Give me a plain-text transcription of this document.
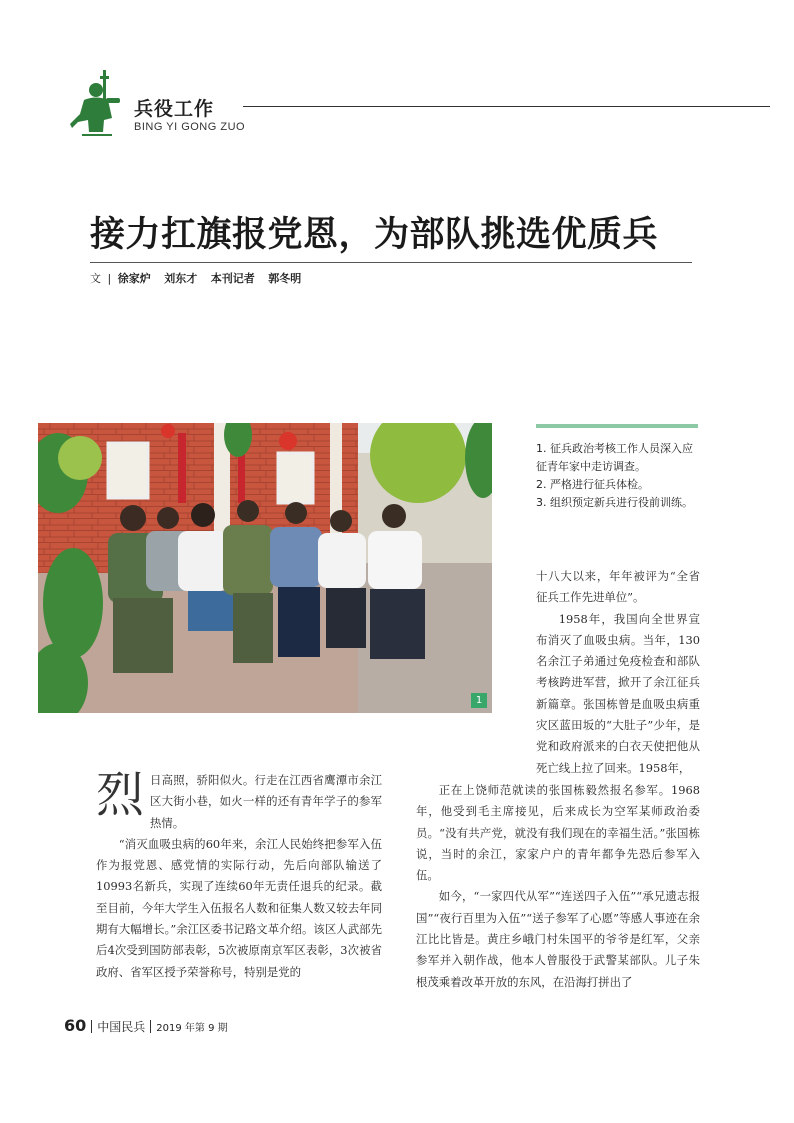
兵役工作
BING YI GONG ZUO
接力扛旗报党恩，为部队挑选优质兵
文 | 徐家炉 刘东才 本刊记者 郭冬明
1
1. 征兵政治考核工作人员深入应
征青年家中走访调查。
2. 严格进行征兵体检。
3. 组织预定新兵进行役前训练。

十八大以来，年年被评为“全省征兵工作先进单位”。

1958年，我国向全世界宣布消灭了血吸虫病。当年，130名余江子弟通过免疫检查和部队考核跨进军营，掀开了余江征兵新篇章。张国栋曾是血吸虫病重灾区蓝田坂的“大肚子”少年，是党和政府派来的白衣天使把他从死亡线上拉了回来。1958年，

正在上饶师范就读的张国栋毅然报名参军。1968年，他受到毛主席接见，后来成长为空军某师政治委员。“没有共产党，就没有我们现在的幸福生活。”张国栋说，当时的余江，家家户户的青年都争先恐后参军入伍。

如今，“一家四代从军”“连送四子入伍”“承兄遗志报国”“夜行百里为入伍”“送子参军了心愿”等感人事迹在余江比比皆是。黄庄乡峨门村朱国平的爷爷是红军，父亲参军并入朝作战，他本人曾服役于武警某部队。儿子朱根茂乘着改革开放的东风，在沿海打拼出了

烈日高照，骄阳似火。行走在江西省鹰潭市余江区大街小巷，如火一样的还有青年学子的参军热情。

“消灭血吸虫病的60年来，余江人民始终把参军入伍作为报党恩、感党情的实际行动，先后向部队输送了10993名新兵，实现了连续60年无责任退兵的纪录。截至目前，今年大学生入伍报名人数和征集人数又较去年同期有大幅增长。”余江区委书记路文革介绍。该区人武部先后4次受到国防部表彰，5次被原南京军区表彰，3次被省政府、省军区授予荣誉称号，特别是党的

60 中国民兵 2019 年第 9 期
